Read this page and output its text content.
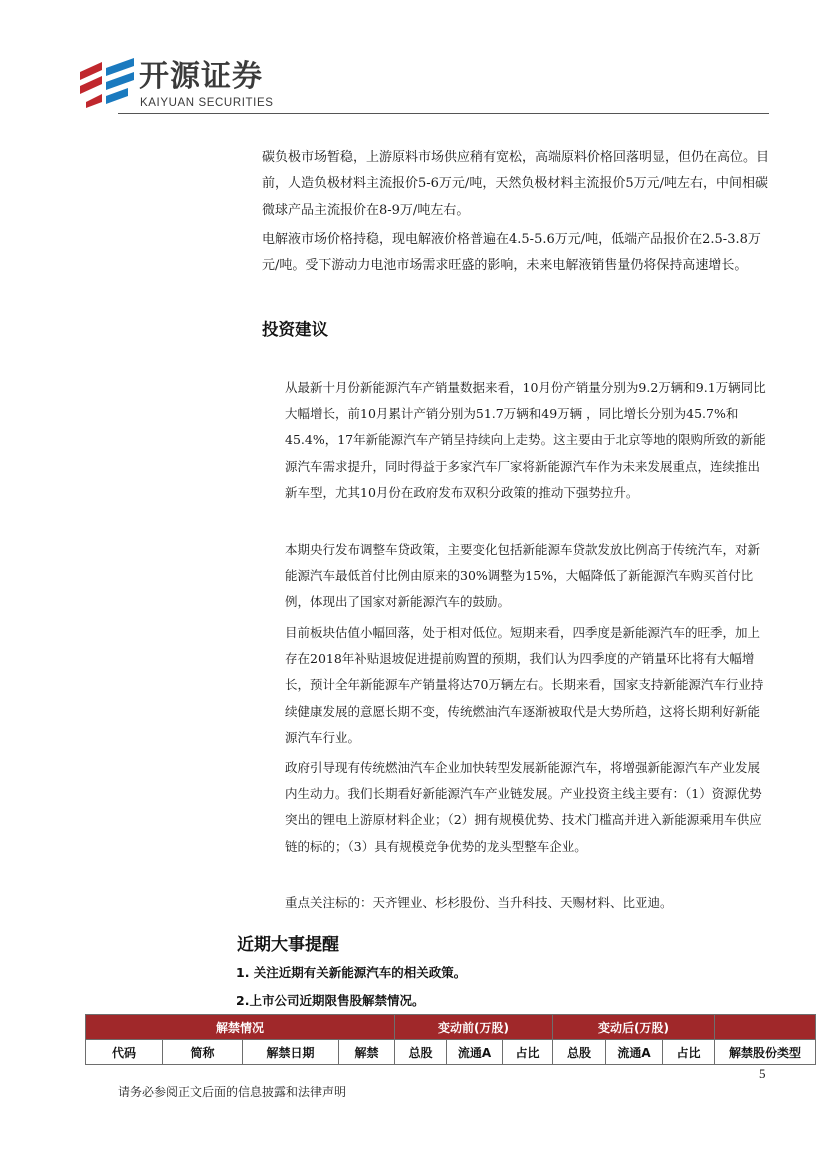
开源证券
KAIYUAN SECURITIES
碳负极市场暂稳，上游原料市场供应稍有宽松，高端原料价格回落明显，但仍在高位。目前，人造负极材料主流报价5-6万元/吨，天然负极材料主流报价5万元/吨左右，中间相碳微球产品主流报价在8-9万/吨左右。
电解液市场价格持稳，现电解液价格普遍在4.5-5.6万元/吨，低端产品报价在2.5-3.8万元/吨。受下游动力电池市场需求旺盛的影响，未来电解液销售量仍将保持高速增长。
投资建议
从最新十月份新能源汽车产销量数据来看，10月份产销量分别为9.2万辆和9.1万辆同比大幅增长，前10月累计产销分别为51.7万辆和49万辆 ，同比增长分别为45.7%和45.4%，17年新能源汽车产销呈持续向上走势。这主要由于北京等地的限购所致的新能源汽车需求提升，同时得益于多家汽车厂家将新能源汽车作为未来发展重点，连续推出新车型，尤其10月份在政府发布双积分政策的推动下强势拉升。
本期央行发布调整车贷政策，主要变化包括新能源车贷款发放比例高于传统汽车，对新能源汽车最低首付比例由原来的30%调整为15%，大幅降低了新能源汽车购买首付比例，体现出了国家对新能源汽车的鼓励。
目前板块估值小幅回落，处于相对低位。短期来看，四季度是新能源汽车的旺季，加上存在2018年补贴退坡促进提前购置的预期，我们认为四季度的产销量环比将有大幅增长，预计全年新能源车产销量将达70万辆左右。长期来看，国家支持新能源汽车行业持续健康发展的意愿长期不变，传统燃油汽车逐渐被取代是大势所趋，这将长期利好新能源汽车行业。
政府引导现有传统燃油汽车企业加快转型发展新能源汽车，将增强新能源汽车产业发展内生动力。我们长期看好新能源汽车产业链发展。产业投资主线主要有：（1）资源优势突出的锂电上游原材料企业；（2）拥有规模优势、技术门槛高并进入新能源乘用车供应链的标的；（3）具有规模竞争优势的龙头型整车企业。
重点关注标的：天齐锂业、杉杉股份、当升科技、天赐材料、比亚迪。
近期大事提醒
1. 关注近期有关新能源汽车的相关政策。
2.上市公司近期限售股解禁情况。
解禁情况				变动前(万股)			变动后(万股)			
代码	简称	解禁日期	解禁	总股	流通A	占比	总股	流通A	占比	解禁股份类型
5
请务必参阅正文后面的信息披露和法律声明
